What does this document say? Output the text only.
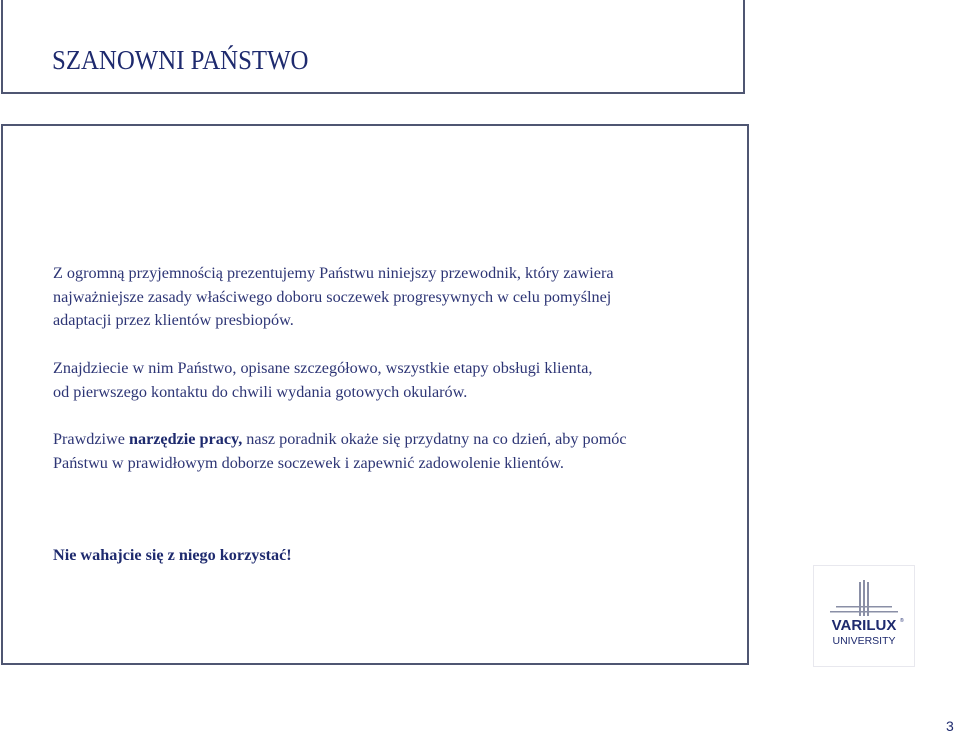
SZANOWNI PAŃSTWO

Z ogromną przyjemnością prezentujemy Państwu niniejszy przewodnik, który zawiera
najważniejsze zasady właściwego doboru soczewek progresywnych w celu pomyślnej
adaptacji przez klientów presbiopów.

Znajdziecie w nim Państwo, opisane szczegółowo, wszystkie etapy obsługi klienta,
od pierwszego kontaktu do chwili wydania gotowych okularów.

Prawdziwe narzędzie pracy, nasz poradnik okaże się przydatny na co dzień, aby pomóc
Państwu w prawidłowym doborze soczewek i zapewnić zadowolenie klientów.

Nie wahajcie się z niego korzystać!

VARILUX ®
UNIVERSITY
3
